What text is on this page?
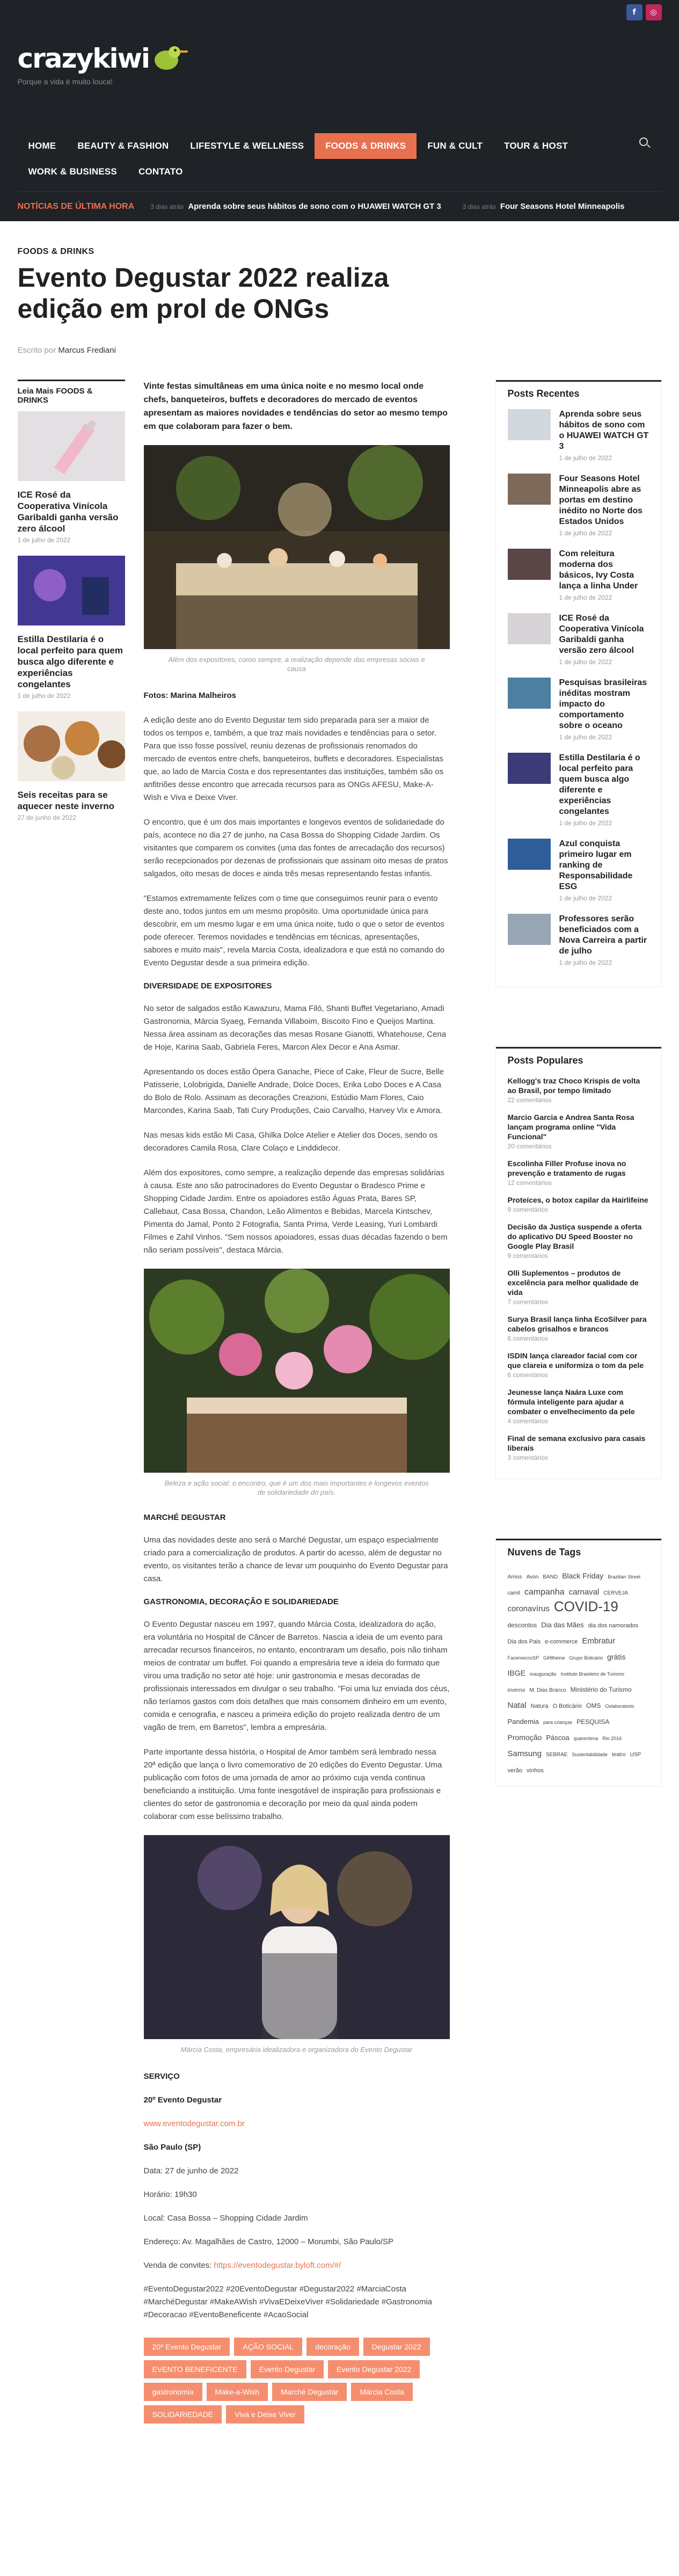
f	◎
crazykiwi
Porque a vida é muito louca!
HOME	BEAUTY & FASHION	LIFESTYLE & WELLNESS	FOODS & DRINKS	FUN & CULT	TOUR & HOST
WORK & BUSINESS	CONTATO
NOTÍCIAS DE ÚLTIMA HORA	3 dias atrás Aprenda sobre seus hábitos de sono com o HUAWEI WATCH GT 3	3 dias atrás Four Seasons Hotel Minneapolis
FOODS & DRINKS
Evento Degustar 2022 realiza edição em prol de ONGs
Escrito por Marcus Frediani
Leia Mais FOODS & DRINKS
ICE Rosé da Cooperativa Vinícola Garibaldi ganha versão zero álcool
1 de julho de 2022
Estilla Destilaria é o local perfeito para quem busca algo diferente e experiências congelantes
1 de julho de 2022
Seis receitas para se aquecer neste inverno
27 de junho de 2022
Vinte festas simultâneas em uma única noite e no mesmo local onde chefs, banqueteiros, buffets e decoradores do mercado de eventos apresentam as maiores novidades e tendências do setor ao mesmo tempo em que colaboram para fazer o bem.
Além dos expositores, como sempre, a realização depende das empresas sócias e causa
Fotos: Marina Malheiros
A edição deste ano do Evento Degustar tem sido preparada para ser a maior de todos os tempos e, também, a que traz mais novidades e tendências para o setor. Para que isso fosse possível, reuniu dezenas de profissionais renomados do mercado de eventos entre chefs, banqueteiros, buffets e decoradores. Especialistas que, ao lado de Marcia Costa e dos representantes das instituições, também são os anfitriões desse encontro que arrecada recursos para as ONGs AFESU, Make-A-Wish e Viva e Deixe Viver.
O encontro, que é um dos mais importantes e longevos eventos de solidariedade do país, acontece no dia 27 de junho, na Casa Bossa do Shopping Cidade Jardim. Os visitantes que comparem os convites (uma das fontes de arrecadação dos recursos) serão recepcionados por dezenas de profissionais que assinam oito mesas de pratos salgados, oito mesas de doces e ainda três mesas representando festas infantis.
"Estamos extremamente felizes com o time que conseguimos reunir para o evento deste ano, todos juntos em um mesmo propósito. Uma oportunidade única para descobrir, em um mesmo lugar e em uma única noite, tudo o que o setor de eventos pode oferecer. Teremos novidades e tendências em técnicas, apresentações, sabores e muito mais", revela Marcia Costa, idealizadora e que está no comando do Evento Degustar desde a sua primeira edição.
DIVERSIDADE DE EXPOSITORES
No setor de salgados estão Kawazuru, Mama Filó, Shanti Buffet Vegetariano, Amadi Gastronomia, Márcia Syaeg, Fernanda Villaboim, Biscoito Fino e Queijos Martina. Nessa área assinam as decorações das mesas Rosane Gianotti, Whatehouse, Cena de Hoje, Karina Saab, Gabriela Feres, Marcon Alex Decor e Ana Asmar.
Apresentando os doces estão Ópera Ganache, Piece of Cake, Fleur de Sucre, Belle Patisserie, Lolobrigida, Danielle Andrade, Dolce Doces, Erika Lobo Doces e A Casa do Bolo de Rolo. Assinam as decorações Creazioni, Estúdio Mam Flores, Caio Marcondes, Karina Saab, Tati Cury Produções, Caio Carvalho, Harvey Vix e Amora.
Nas mesas kids estão Mi Casa, Ghilka Dolce Atelier e Atelier dos Doces, sendo os decoradores Camila Rosa, Clare Colaço e Linddidecor.
Além dos expositores, como sempre, a realização depende das empresas solidárias à causa. Este ano são patrocinadores do Evento Degustar o Bradesco Prime e Shopping Cidade Jardim. Entre os apoiadores estão Águas Prata, Bares SP, Callebaut, Casa Bossa, Chandon, Leão Alimentos e Bebidas, Marcela Kintschev, Pimenta do Jamal, Ponto 2 Fotografia, Santa Prima, Verde Leasing, Yuri Lombardi Filmes e Zahil Vinhos. "Sem nossos apoiadores, essas duas décadas fazendo o bem não seriam possíveis", destaca Márcia.
Beleza e ação social: o encontro, que é um dos mais importantes e longevos eventos de solidariedade do país.
MARCHÉ DEGUSTAR
Uma das novidades deste ano será o Marché Degustar, um espaço especialmente criado para a comercialização de produtos. A partir do acesso, além de degustar no evento, os visitantes terão a chance de levar um pouquinho do Evento Degustar para casa.
GASTRONOMIA, DECORAÇÃO E SOLIDARIEDADE
O Evento Degustar nasceu em 1997, quando Márcia Costa, idealizadora do ação, era voluntária no Hospital de Câncer de Barretos. Nascia a ideia de um evento para arrecadar recursos financeiros, no entanto, encontraram um desafio, pois não tinham meios de contratar um buffet. Foi quando a empresária teve a ideia do formato que virou uma tradição no setor até hoje: unir gastronomia e mesas decoradas de profissionais interessados em divulgar o seu trabalho. "Foi uma luz enviada dos céus, não teríamos gastos com dois detalhes que mais consomem dinheiro em um evento, comida e cenografia, e nasceu a primeira edição do projeto realizada dentro de um vagão de trem, em Barretos", lembra a empresária.
Parte importante dessa história, o Hospital de Amor também será lembrado nessa 20ª edição que lança o livro comemorativo de 20 edições do Evento Degustar. Uma publicação com fotos de uma jornada de amor ao próximo cuja venda continua beneficiando a instituição. Uma fonte inesgotável de inspiração para profissionais e clientes do setor de gastronomia e decoração por meio da qual ainda podem colaborar com esse belíssimo trabalho.
Márcia Costa, empresária idealizadora e organizadora do Evento Degustar
SERVIÇO
20º Evento Degustar
www.eventodegustar.com.br
São Paulo (SP)
Data: 27 de junho de 2022
Horário: 19h30
Local: Casa Bossa – Shopping Cidade Jardim
Endereço: Av. Magalhães de Castro, 12000 – Morumbi, São Paulo/SP
Venda de convites: https://eventodegustar.byloft.com/#/
#EventoDegustar2022 #20EventoDegustar #Degustar2022 #MarciaCosta #MarchéDegustar #MakeAWish #VivaEDeixeViver #Solidariedade #Gastronomia #Decoracao #EventoBeneficente #AcaoSocial
20º Evento Degustar	AÇÃO SOCIAL	decoração	Degustar 2022
EVENTO BENEFICENTE	Evento Degustar	Evento Degustar 2022
gastronomia	Make-a-Wish	Marché Degustar	Márcia Costa
SOLIDARIEDADE	Viva e Deixe Viver
Posts Recentes
Aprenda sobre seus hábitos de sono com o HUAWEI WATCH GT 3
1 de julho de 2022
Four Seasons Hotel Minneapolis abre as portas em destino inédito no Norte dos Estados Unidos
1 de julho de 2022
Com releitura moderna dos básicos, Ivy Costa lança a linha Under
1 de julho de 2022
ICE Rosé da Cooperativa Vinícola Garibaldi ganha versão zero álcool
1 de julho de 2022
Pesquisas brasileiras inéditas mostram impacto do comportamento sobre o oceano
1 de julho de 2022
Estilla Destilaria é o local perfeito para quem busca algo diferente e experiências congelantes
1 de julho de 2022
Azul conquista primeiro lugar em ranking de Responsabilidade ESG
1 de julho de 2022
Professores serão beneficiados com a Nova Carreira a partir de julho
1 de julho de 2022
Posts Populares
Kellogg's traz Choco Krispis de volta ao Brasil, por tempo limitado
22 comentários
Marcio Garcia e Andrea Santa Rosa lançam programa online "Vida Funcional"
20 comentários
Escolinha Filler Profuse inova no prevenção e tratamento de rugas
12 comentários
Proteíces, o botox capilar da Hairlifeine
9 comentários
Decisão da Justiça suspende a oferta do aplicativo DU Speed Booster no Google Play Brasil
9 comentários
Olli Suplementos – produtos de excelência para melhor qualidade de vida
7 comentários
Surya Brasil lança linha EcoSilver para cabelos grisalhos e brancos
6 comentários
ISDIN lança clareador facial com cor que clareia e uniformiza o tom da pele
6 comentários
Jeunesse lança Naára Luxe com fórmula inteligente para ajudar a combater o envelhecimento da pele
4 comentários
Final de semana exclusivo para casais liberais
3 comentários
Nuvens de Tags
Amiss Avon BAND Black Friday Brazilian Streetcamil campanha carnaval CERVEJAcoronavírus COVID-19descontos Dia das Mães dia dos namoradosDia dos Pais e-commerce EmbraturFacemeccoSP Gêfilheine Grupo Boticário grátisIBGE inauguração Instituto Brasileiro de Turismoinverno M. Dias Branco Ministério do TurismoNatal Natura O Boticário OMS OxlaboratorioPandemia para crianças PESQUISAPromoção Páscoa quarentena Rio 2016Samsung SEBRAE Sustentabilidade teatro USPverão vinhos
